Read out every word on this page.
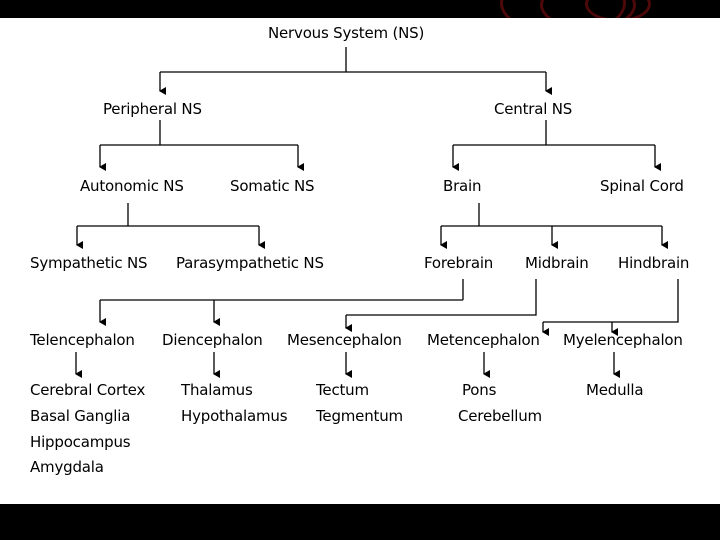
Nervous System (NS)
Peripheral NS	Central NS
Autonomic NS	Somatic NS	Brain	Spinal Cord
Sympathetic NS Parasympathetic NS	Forebrain Midbrain Hindbrain
Telencephalon Diencephalon Mesencephalon Metencephalon Myelencephalon
Cerebral Cortex
Basal Ganglia
Hippocampus
Amygdala
Thalamus
Hypothalamus
Tectum
Tegmentum
Pons
Cerebellum
Medulla
